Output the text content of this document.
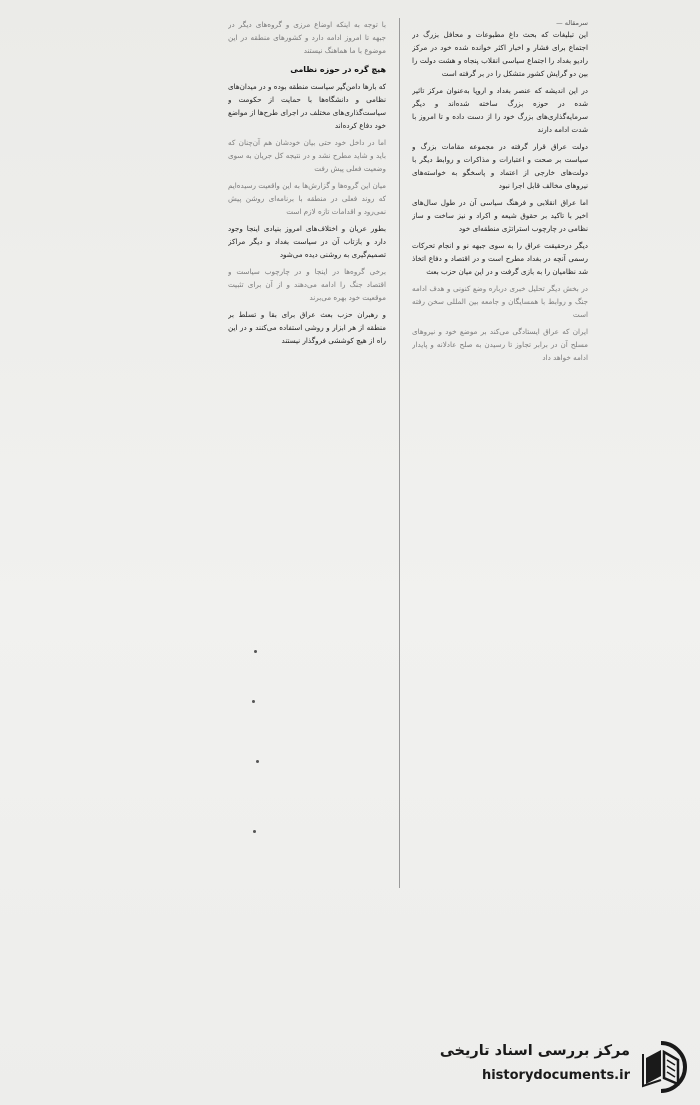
سرمقاله —

این تبلیغات که بحث داغ مطبوعات و محافل بزرگ در اجتماع برای فشار و اخبار اکثر خوانده شده خود در مرکز رادیو بغداد را اجتماع سیاسی انقلاب پنجاه و هشت دولت را بین دو گرایش کشور متشکل را در بر گرفته است

در این اندیشه که عنصر بغداد و اروپا به‌عنوان مرکز تاثیر شده در حوزه بزرگ ساخته شده‌اند و دیگر سرمایه‌گذاری‌های بزرگ خود را از دست داده و تا امروز با شدت ادامه دارند

دولت عراق قرار گرفته در مجموعه مقامات بزرگ و سیاست بر صحت و اعتبارات و مذاکرات و روابط دیگر با دولت‌های خارجی از اعتماد و پاسخگو به خواسته‌های نیروهای مخالف قابل اجرا نبود

اما عراق انقلابی و فرهنگ سیاسی آن در طول سال‌های اخیر با تاکید بر حقوق شیعه و اکراد و نیز ساخت و ساز نظامی در چارچوب استراتژی منطقه‌ای خود

دیگر درحقیقت عراق را به سوی جبهه نو و انجام تحرکات رسمی آنچه در بغداد مطرح است و در اقتصاد و دفاع اتخاذ شد نظامیان را به بازی گرفت و در این میان حزب بعث

در بخش دیگر تحلیل خبری درباره وضع کنونی و هدف ادامه جنگ و روابط با همسایگان و جامعه بین المللی سخن رفته است

ایران که عراق ایستادگی می‌کند بر موضع خود و نیروهای مسلح آن در برابر تجاوز تا رسیدن به صلح عادلانه و پایدار ادامه خواهد داد

با توجه به اینکه اوضاع مرزی و گروه‌های دیگر در جبهه تا امروز ادامه دارد و کشورهای منطقه در این موضوع با ما هماهنگ نیستند

هیچ گره در حوزه نظامی

که بارها دامن‌گیر سیاست منطقه بوده و در میدان‌های نظامی و دانشگاه‌ها با حمایت از حکومت و سیاست‌گذاری‌های مختلف در اجرای طرح‌ها از مواضع خود دفاع کرده‌اند

اما در داخل خود حتی بیان خودشان هم آن‌چنان که باید و شاید مطرح نشد و در نتیجه کل جریان به سوی وضعیت فعلی پیش رفت

میان این گروه‌ها و گزارش‌ها به این واقعیت رسیده‌ایم که روند فعلی در منطقه با برنامه‌ای روشن پیش نمی‌رود و اقدامات تازه لازم است

بطور عریان و اختلاف‌های امروز بنیادی اینجا وجود دارد و بازتاب آن در سیاست بغداد و دیگر مراکز تصمیم‌گیری به روشنی دیده می‌شود

برخی گروه‌ها در اینجا و در چارچوب سیاست و اقتصاد جنگ را ادامه می‌دهند و از آن برای تثبیت موقعیت خود بهره می‌برند

و رهبران حزب بعث عراق برای بقا و تسلط بر منطقه از هر ابزار و روشی استفاده می‌کنند و در این راه از هیچ کوششی فروگذار نیستند

مرکز بررسی اسناد تاریخی
historydocuments.ir
